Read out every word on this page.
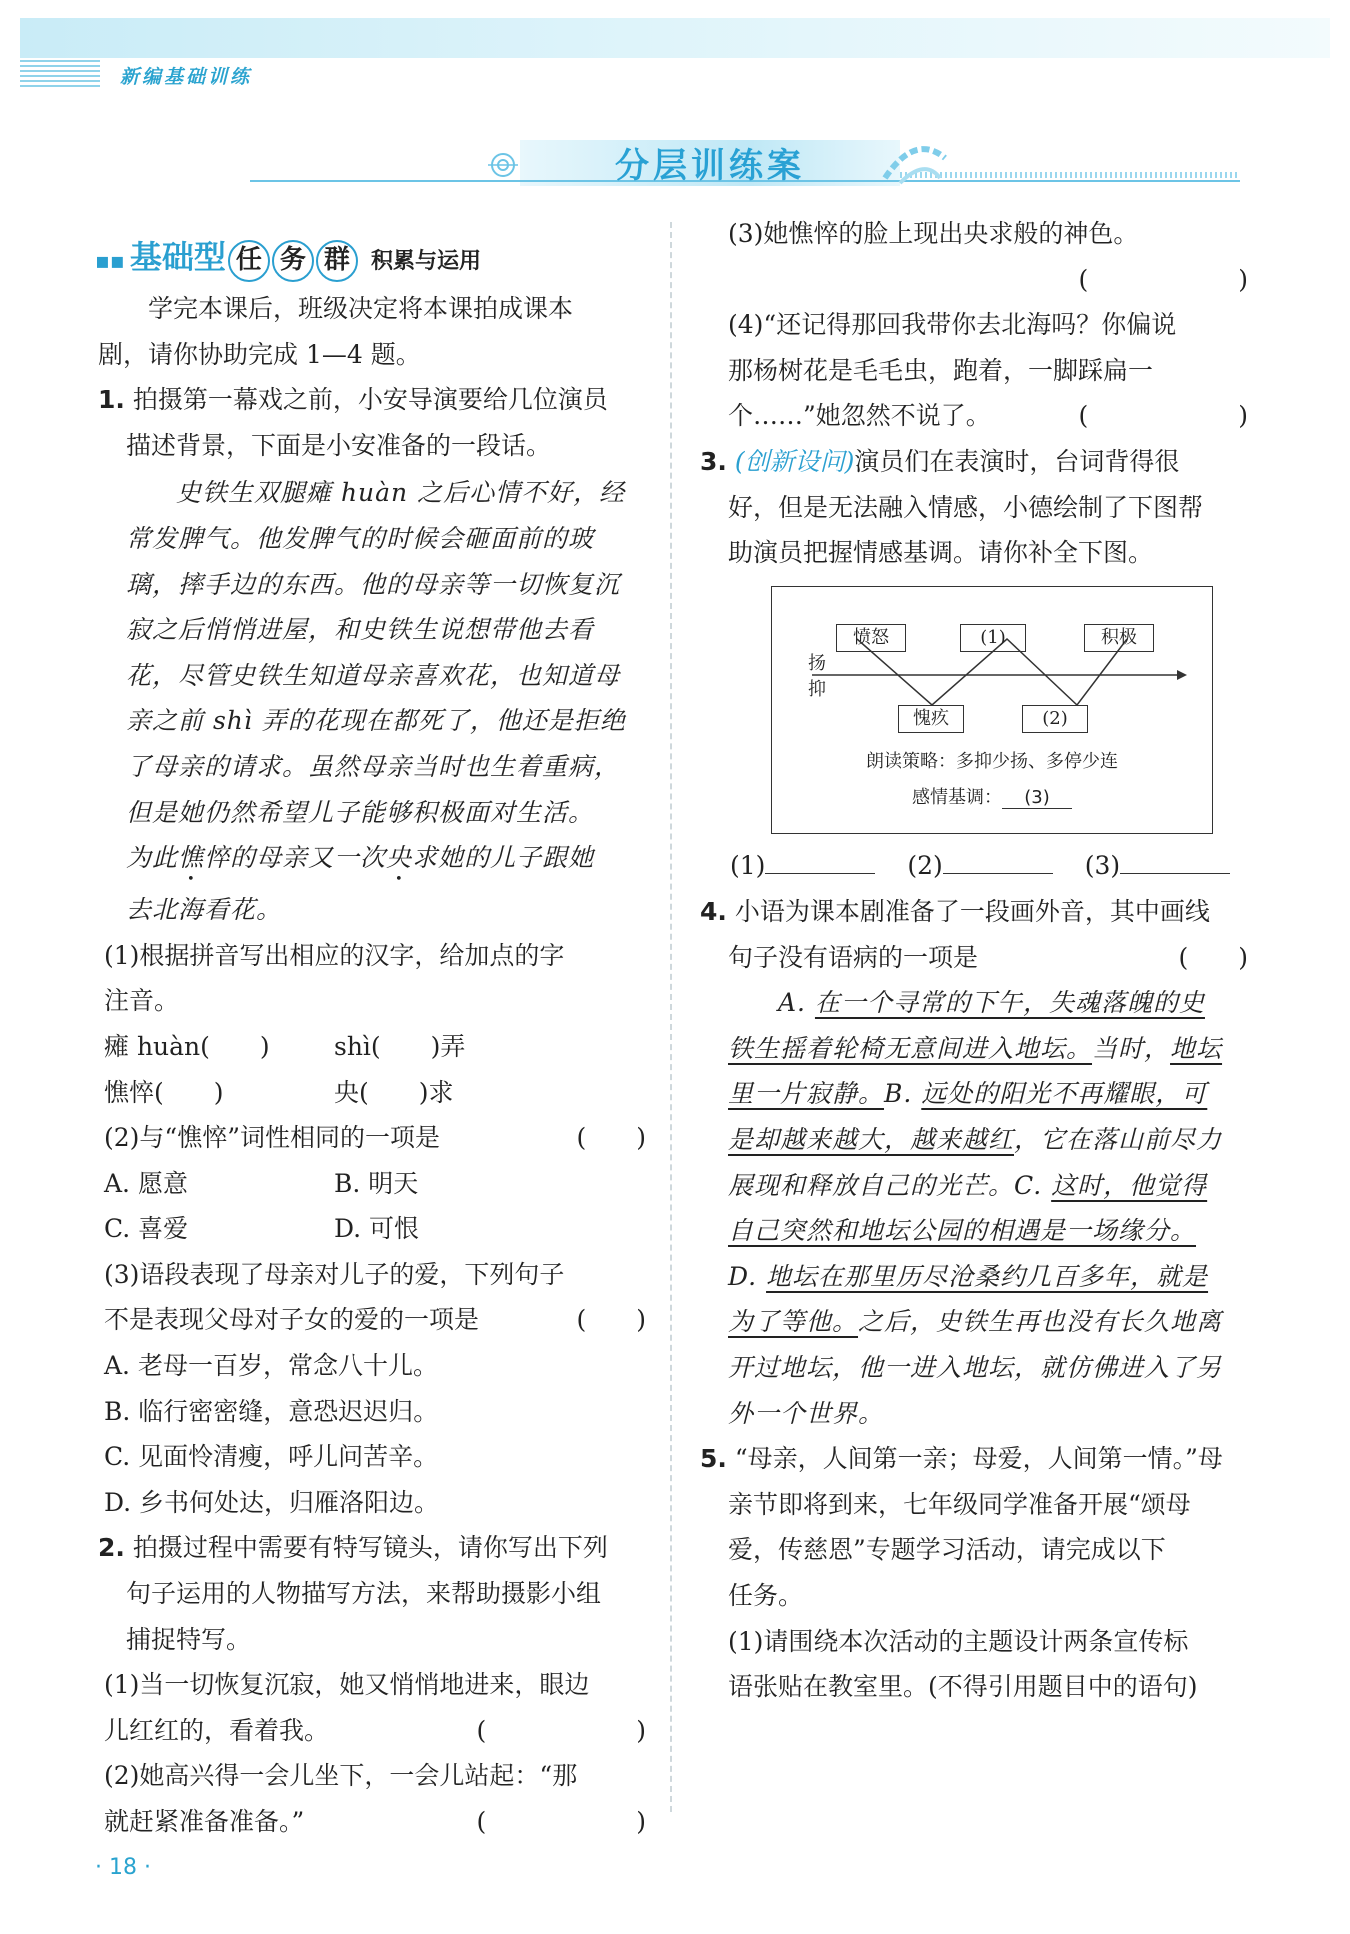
新编基础训练
分层训练案
▪▪ 基础型 任 务 群 积累与运用
学完本课后，班级决定将本课拍成课本
剧，请你协助完成 1—4 题。
1. 拍摄第一幕戏之前，小安导演要给几位演员
描述背景，下面是小安准备的一段话。
史铁生双腿瘫 huàn 之后心情不好，经
常发脾气。他发脾气的时候会砸面前的玻
璃，摔手边的东西。他的母亲等一切恢复沉
寂之后悄悄进屋，和史铁生说想带他去看
花，尽管史铁生知道母亲喜欢花，也知道母
亲之前 shì 弄的花现在都死了，他还是拒绝
了母亲的请求。虽然母亲当时也生着重病，
但是她仍然希望儿子能够积极面对生活。
为此憔悴的母亲又一次央求她的儿子跟她
去北海看花。
(1)根据拼音写出相应的汉字，给加点的字
注音。
瘫 huàn(　　)	shì(　　)弄
憔悴(　　)	央(　　)求
(2)与“憔悴”词性相同的一项是	(　　)
A. 愿意	B. 明天
C. 喜爱	D. 可恨
(3)语段表现了母亲对儿子的爱，下列句子
不是表现父母对子女的爱的一项是	(　　)
A. 老母一百岁，常念八十儿。
B. 临行密密缝，意恐迟迟归。
C. 见面怜清瘦，呼儿问苦辛。
D. 乡书何处达，归雁洛阳边。
2. 拍摄过程中需要有特写镜头，请你写出下列
句子运用的人物描写方法，来帮助摄影小组
捕捉特写。
(1)当一切恢复沉寂，她又悄悄地进来，眼边
儿红红的，看着我。	(　　　　　　)
(2)她高兴得一会儿坐下，一会儿站起：“那
就赶紧准备准备。”	(　　　　　　)
· 18 ·
(3)她憔悴的脸上现出央求般的神色。
(　　　　　　)
(4)“还记得那回我带你去北海吗？你偏说
那杨树花是毛毛虫，跑着，一脚踩扁一
个……”她忽然不说了。	(　　　　　　)
3. (创新设问)演员们在表演时，台词背得很
好，但是无法融入情感，小德绘制了下图帮
助演员把握情感基调。请你补全下图。
愤怒	(1)	积极
愧疚	(2)
扬
抑
朗读策略：多抑少扬、多停少连
感情基调： (3)
(1)	(2)	(3)
4. 小语为课本剧准备了一段画外音，其中画线
句子没有语病的一项是	(　　)
A. 在一个寻常的下午，失魂落魄的史
铁生摇着轮椅无意间进入地坛。当时，地坛
里一片寂静。B. 远处的阳光不再耀眼，可
是却越来越大，越来越红，它在落山前尽力
展现和释放自己的光芒。C. 这时，他觉得
自己突然和地坛公园的相遇是一场缘分。
D. 地坛在那里历尽沧桑约几百多年，就是
为了等他。之后，史铁生再也没有长久地离
开过地坛，他一进入地坛，就仿佛进入了另
外一个世界。
5. “母亲，人间第一亲；母爱，人间第一情。”母
亲节即将到来，七年级同学准备开展“颂母
爱，传慈恩”专题学习活动，请完成以下
任务。
(1)请围绕本次活动的主题设计两条宣传标
语张贴在教室里。(不得引用题目中的语句)
